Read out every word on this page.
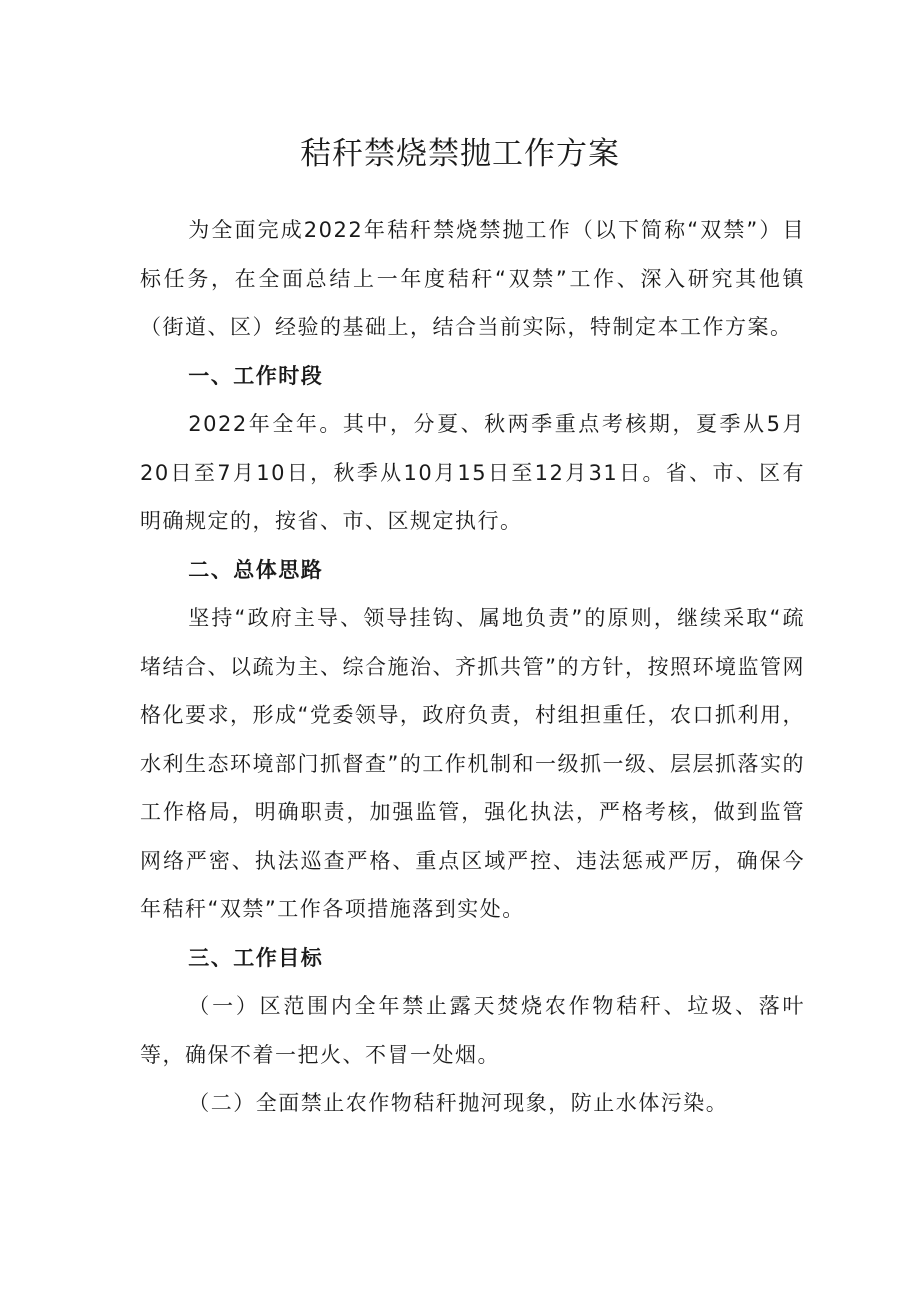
秸秆禁烧禁抛工作方案

为全面完成2022年秸秆禁烧禁抛工作（以下简称“双禁”）目标任务，在全面总结上一年度秸秆“双禁”工作、深入研究其他镇（街道、区）经验的基础上，结合当前实际，特制定本工作方案。

一、工作时段

2022年全年。其中，分夏、秋两季重点考核期，夏季从5月20日至7月10日，秋季从10月15日至12月31日。省、市、区有明确规定的，按省、市、区规定执行。

二、总体思路

坚持“政府主导、领导挂钩、属地负责”的原则，继续采取“疏堵结合、以疏为主、综合施治、齐抓共管”的方针，按照环境监管网格化要求，形成“党委领导，政府负责，村组担重任，农口抓利用，水利生态环境部门抓督查”的工作机制和一级抓一级、层层抓落实的工作格局，明确职责，加强监管，强化执法，严格考核，做到监管网络严密、执法巡查严格、重点区域严控、违法惩戒严厉，确保今年秸秆“双禁”工作各项措施落到实处。

三、工作目标

（一）区范围内全年禁止露天焚烧农作物秸秆、垃圾、落叶等，确保不着一把火、不冒一处烟。

（二）全面禁止农作物秸秆抛河现象，防止水体污染。
